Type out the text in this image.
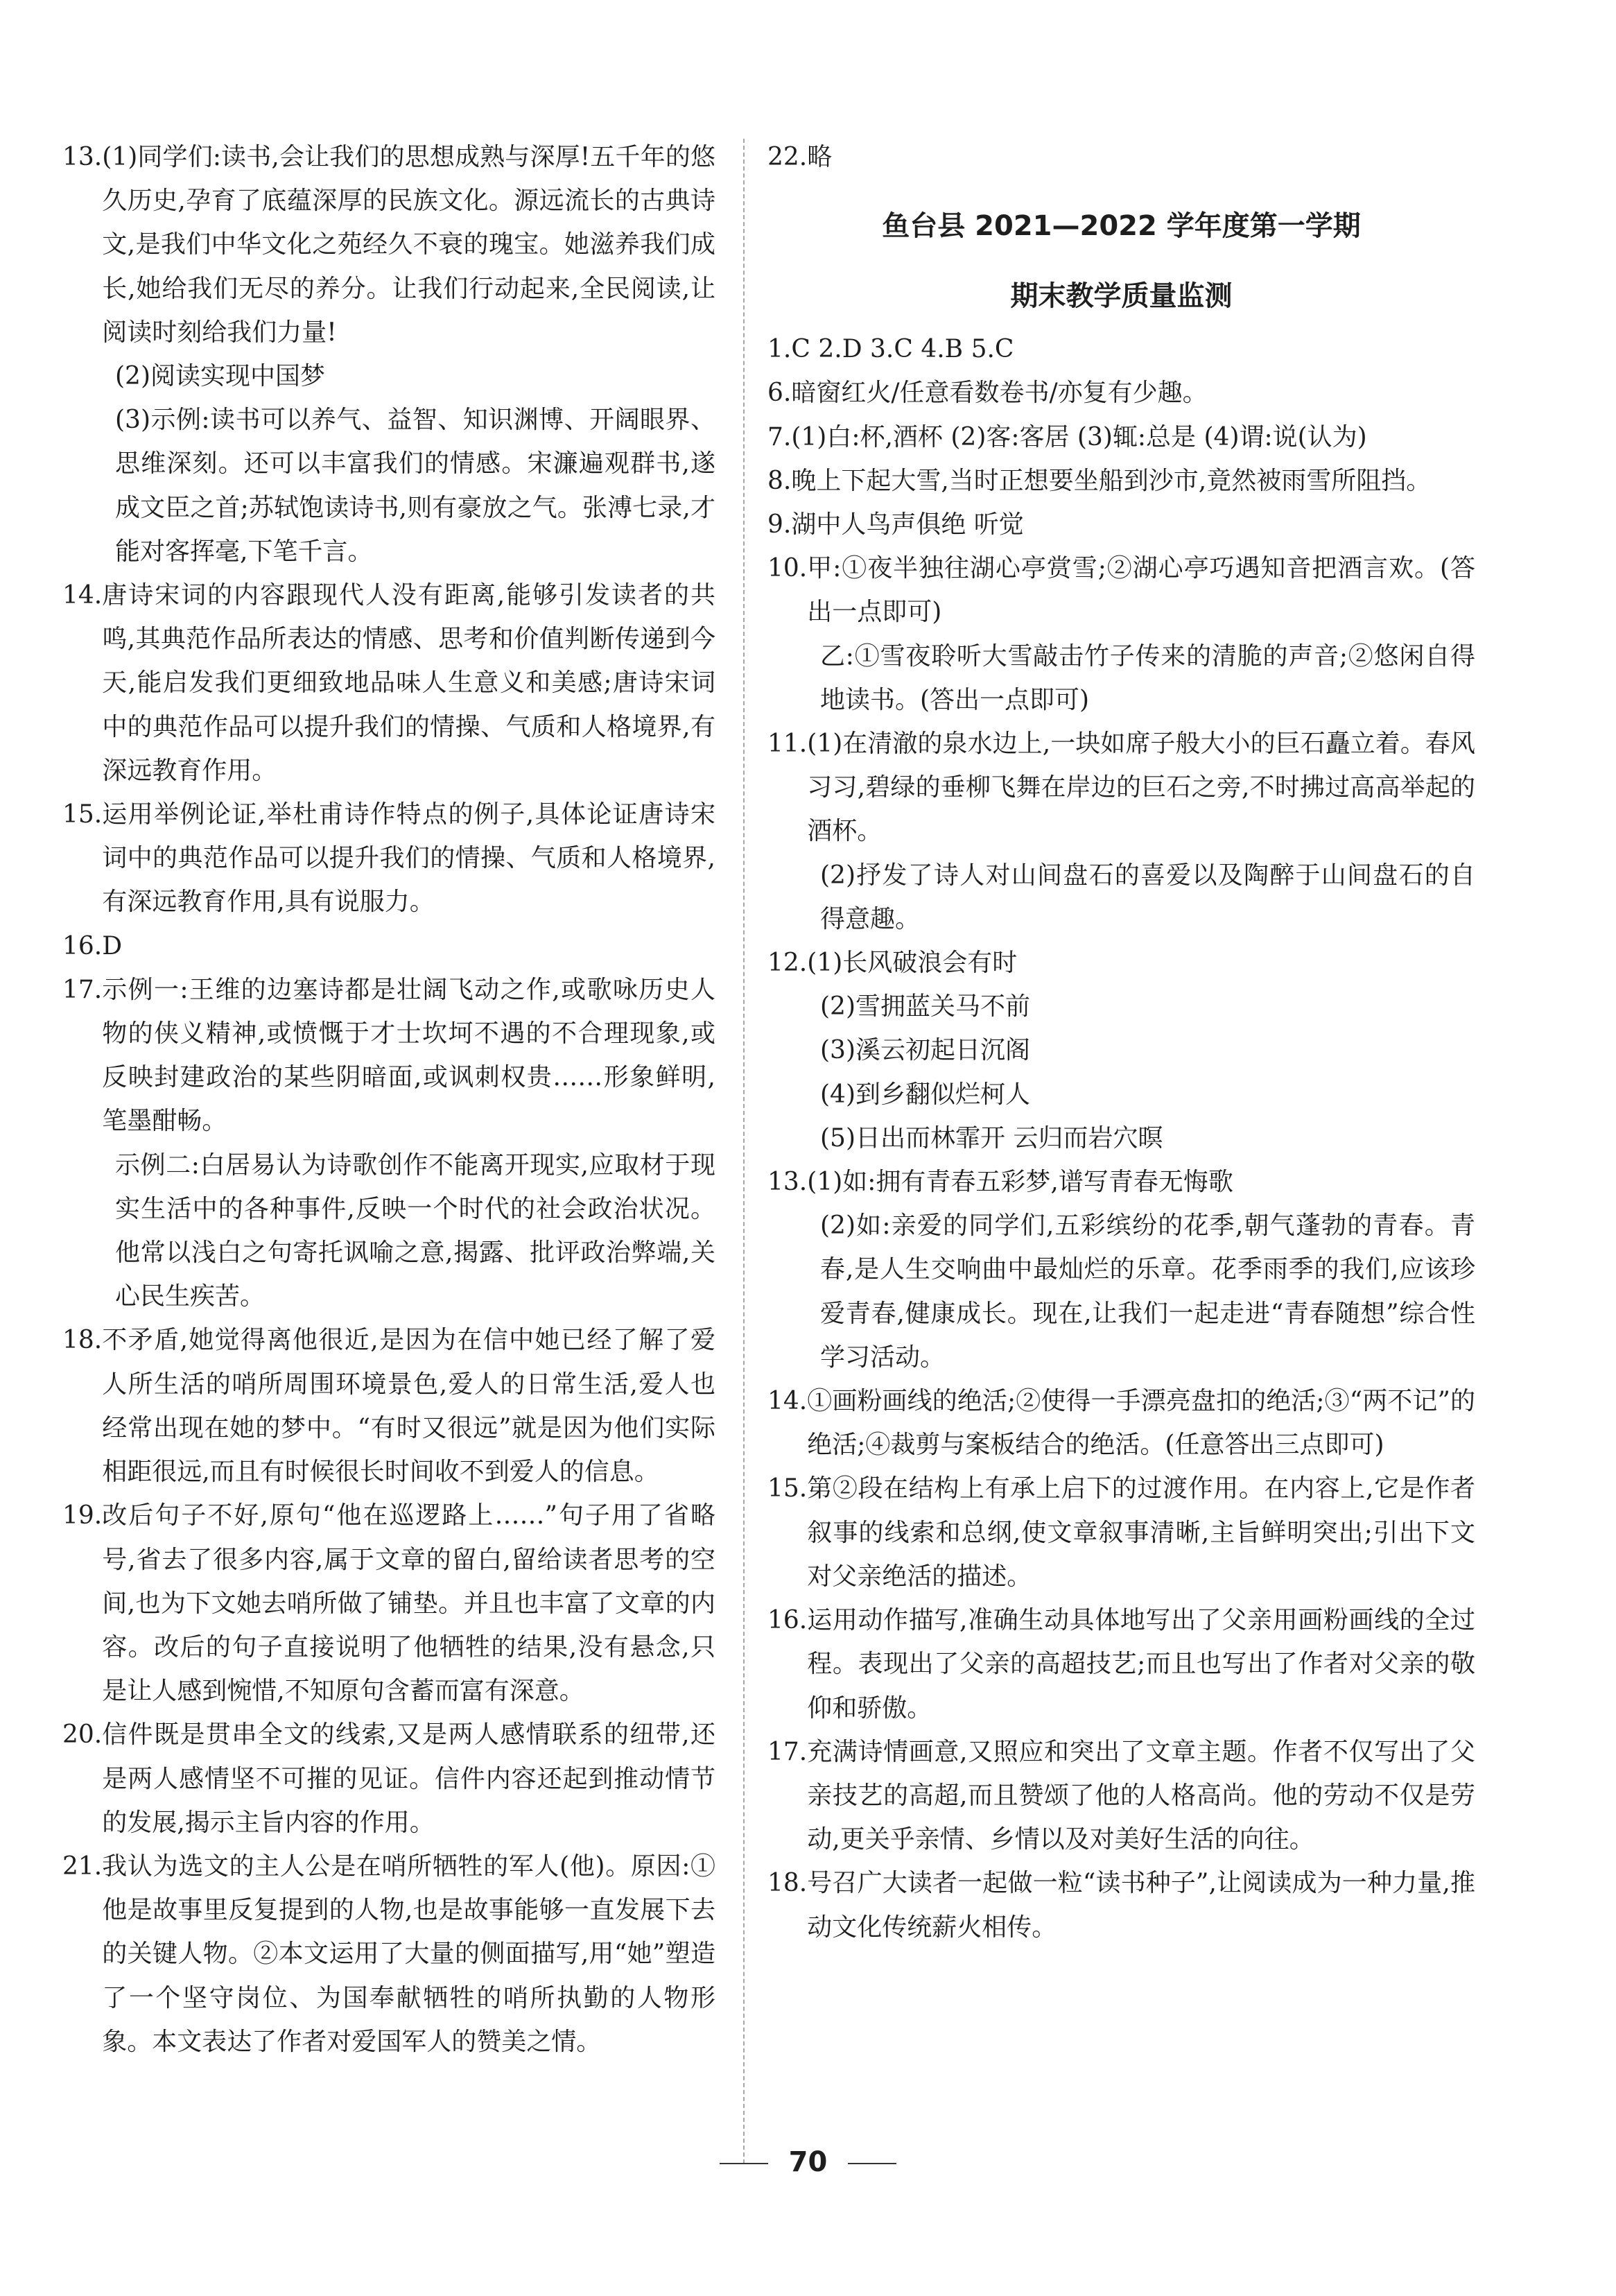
13. (1)同学们:读书,会让我们的思想成熟与深厚!五千年的悠久历史,孕育了底蕴深厚的民族文化。源远流长的古典诗文,是我们中华文化之苑经久不衰的瑰宝。她滋养我们成长,她给我们无尽的养分。让我们行动起来,全民阅读,让阅读时刻给我们力量!
(2)阅读实现中国梦
(3)示例:读书可以养气、益智、知识渊博、开阔眼界、思维深刻。还可以丰富我们的情感。宋濂遍观群书,遂成文臣之首;苏轼饱读诗书,则有豪放之气。张溥七录,才能对客挥毫,下笔千言。
14. 唐诗宋词的内容跟现代人没有距离,能够引发读者的共鸣,其典范作品所表达的情感、思考和价值判断传递到今天,能启发我们更细致地品味人生意义和美感;唐诗宋词中的典范作品可以提升我们的情操、气质和人格境界,有深远教育作用。
15. 运用举例论证,举杜甫诗作特点的例子,具体论证唐诗宋词中的典范作品可以提升我们的情操、气质和人格境界,有深远教育作用,具有说服力。
16. D
17. 示例一:王维的边塞诗都是壮阔飞动之作,或歌咏历史人物的侠义精神,或愤慨于才士坎坷不遇的不合理现象,或反映封建政治的某些阴暗面,或讽刺权贵……形象鲜明,笔墨酣畅。
示例二:白居易认为诗歌创作不能离开现实,应取材于现实生活中的各种事件,反映一个时代的社会政治状况。他常以浅白之句寄托讽喻之意,揭露、批评政治弊端,关心民生疾苦。
18. 不矛盾,她觉得离他很近,是因为在信中她已经了解了爱人所生活的哨所周围环境景色,爱人的日常生活,爱人也经常出现在她的梦中。“有时又很远”就是因为他们实际相距很远,而且有时候很长时间收不到爱人的信息。
19. 改后句子不好,原句“他在巡逻路上……”句子用了省略号,省去了很多内容,属于文章的留白,留给读者思考的空间,也为下文她去哨所做了铺垫。并且也丰富了文章的内容。改后的句子直接说明了他牺牲的结果,没有悬念,只是让人感到惋惜,不知原句含蓄而富有深意。
20. 信件既是贯串全文的线索,又是两人感情联系的纽带,还是两人感情坚不可摧的见证。信件内容还起到推动情节的发展,揭示主旨内容的作用。
21. 我认为选文的主人公是在哨所牺牲的军人(他)。原因:①他是故事里反复提到的人物,也是故事能够一直发展下去的关键人物。②本文运用了大量的侧面描写,用“她”塑造了一个坚守岗位、为国奉献牺牲的哨所执勤的人物形象。本文表达了作者对爱国军人的赞美之情。
22. 略
鱼台县 2021—2022 学年度第一学期
期末教学质量监测
1. C 2.D 3.C 4.B 5.C
6. 暗窗红火/任意看数卷书/亦复有少趣。
7. (1)白:杯,酒杯 (2)客:客居 (3)辄:总是 (4)谓:说(认为)
8. 晚上下起大雪,当时正想要坐船到沙市,竟然被雨雪所阻挡。
9. 湖中人鸟声俱绝 听觉
10. 甲:①夜半独往湖心亭赏雪;②湖心亭巧遇知音把酒言欢。(答出一点即可)
乙:①雪夜聆听大雪敲击竹子传来的清脆的声音;②悠闲自得地读书。(答出一点即可)
11. (1)在清澈的泉水边上,一块如席子般大小的巨石矗立着。春风习习,碧绿的垂柳飞舞在岸边的巨石之旁,不时拂过高高举起的酒杯。
(2)抒发了诗人对山间盘石的喜爱以及陶醉于山间盘石的自得意趣。
12. (1)长风破浪会有时
(2)雪拥蓝关马不前
(3)溪云初起日沉阁
(4)到乡翻似烂柯人
(5)日出而林霏开 云归而岩穴暝
13. (1)如:拥有青春五彩梦,谱写青春无悔歌
(2)如:亲爱的同学们,五彩缤纷的花季,朝气蓬勃的青春。青春,是人生交响曲中最灿烂的乐章。花季雨季的我们,应该珍爱青春,健康成长。现在,让我们一起走进“青春随想”综合性学习活动。
14. ①画粉画线的绝活;②使得一手漂亮盘扣的绝活;③“两不记”的绝活;④裁剪与案板结合的绝活。(任意答出三点即可)
15. 第②段在结构上有承上启下的过渡作用。在内容上,它是作者叙事的线索和总纲,使文章叙事清晰,主旨鲜明突出;引出下文对父亲绝活的描述。
16. 运用动作描写,准确生动具体地写出了父亲用画粉画线的全过程。表现出了父亲的高超技艺;而且也写出了作者对父亲的敬仰和骄傲。
17. 充满诗情画意,又照应和突出了文章主题。作者不仅写出了父亲技艺的高超,而且赞颂了他的人格高尚。他的劳动不仅是劳动,更关乎亲情、乡情以及对美好生活的向往。
18. 号召广大读者一起做一粒“读书种子”,让阅读成为一种力量,推动文化传统薪火相传。
70
